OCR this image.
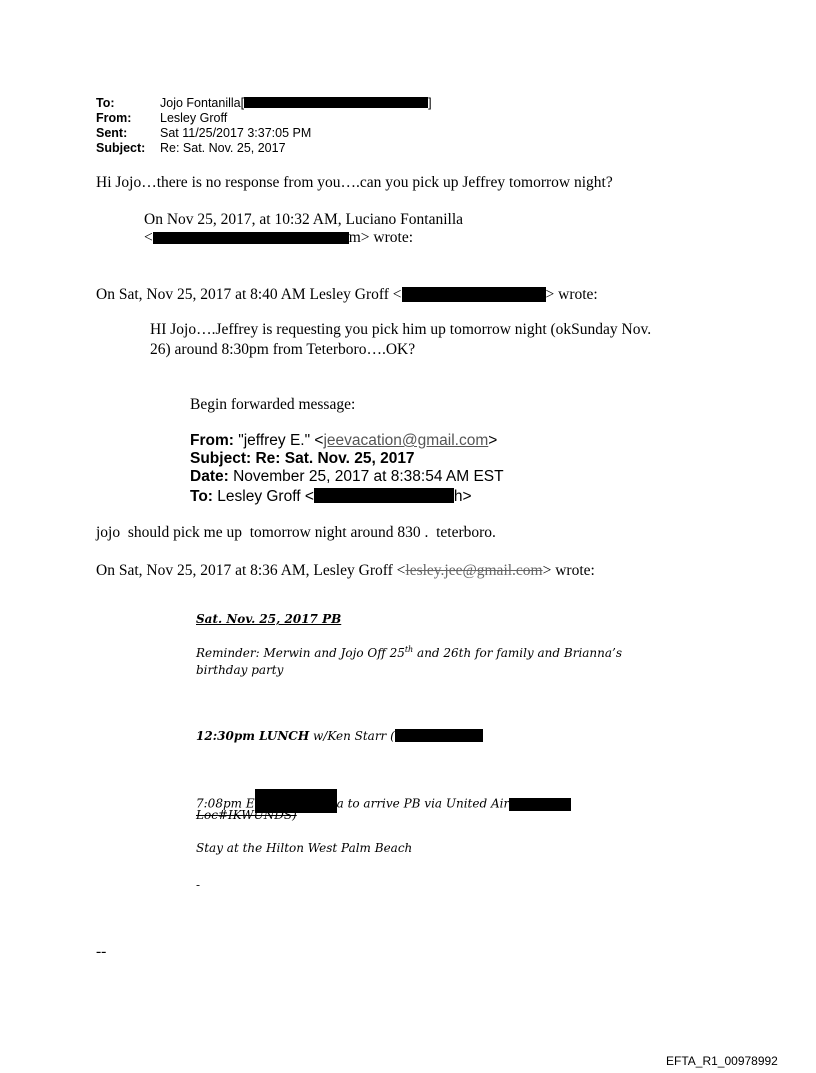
To:	Jojo Fontanilla[	]
From: Lesley Groff
Sent:	Sat 11/25/2017 3:37:05 PM
Subject: Re: Sat. Nov. 25, 2017
Hi Jojo…there is no response from you….can you pick up Jeffrey tomorrow night?
On Nov 25, 2017, at 10:32 AM, Luciano Fontanilla
<	m> wrote:
On Sat, Nov 25, 2017 at 8:40 AM Lesley Groff <	> wrote:
HI Jojo….Jeffrey is requesting you pick him up tomorrow night (okSunday Nov.
26) around 8:30pm from Teterboro….OK?
Begin forwarded message:
From: "jeffrey E." <jeevacation@gmail.com>
Subject: Re: Sat. Nov. 25, 2017
Date: November 25, 2017 at 8:38:54 AM EST
To: Lesley Groff <	h>
jojo  should pick me up  tomorrow night around 830 .  teterboro.
On Sat, Nov 25, 2017 at 8:36 AM, Lesley Groff <lesley.jee@gmail.com> wrote:
Sat. Nov. 25, 2017 PB
Reminder: Merwin and Jojo Off 25th and 26th for family and Brianna’s
birthday party
12:30pm LUNCH w/Ken Starr (
7:08pm E	a to arrive PB via United Air
Loc#IKWUNDS)
Stay at the Hilton West Palm Beach
-
--
EFTA_R1_00978992
